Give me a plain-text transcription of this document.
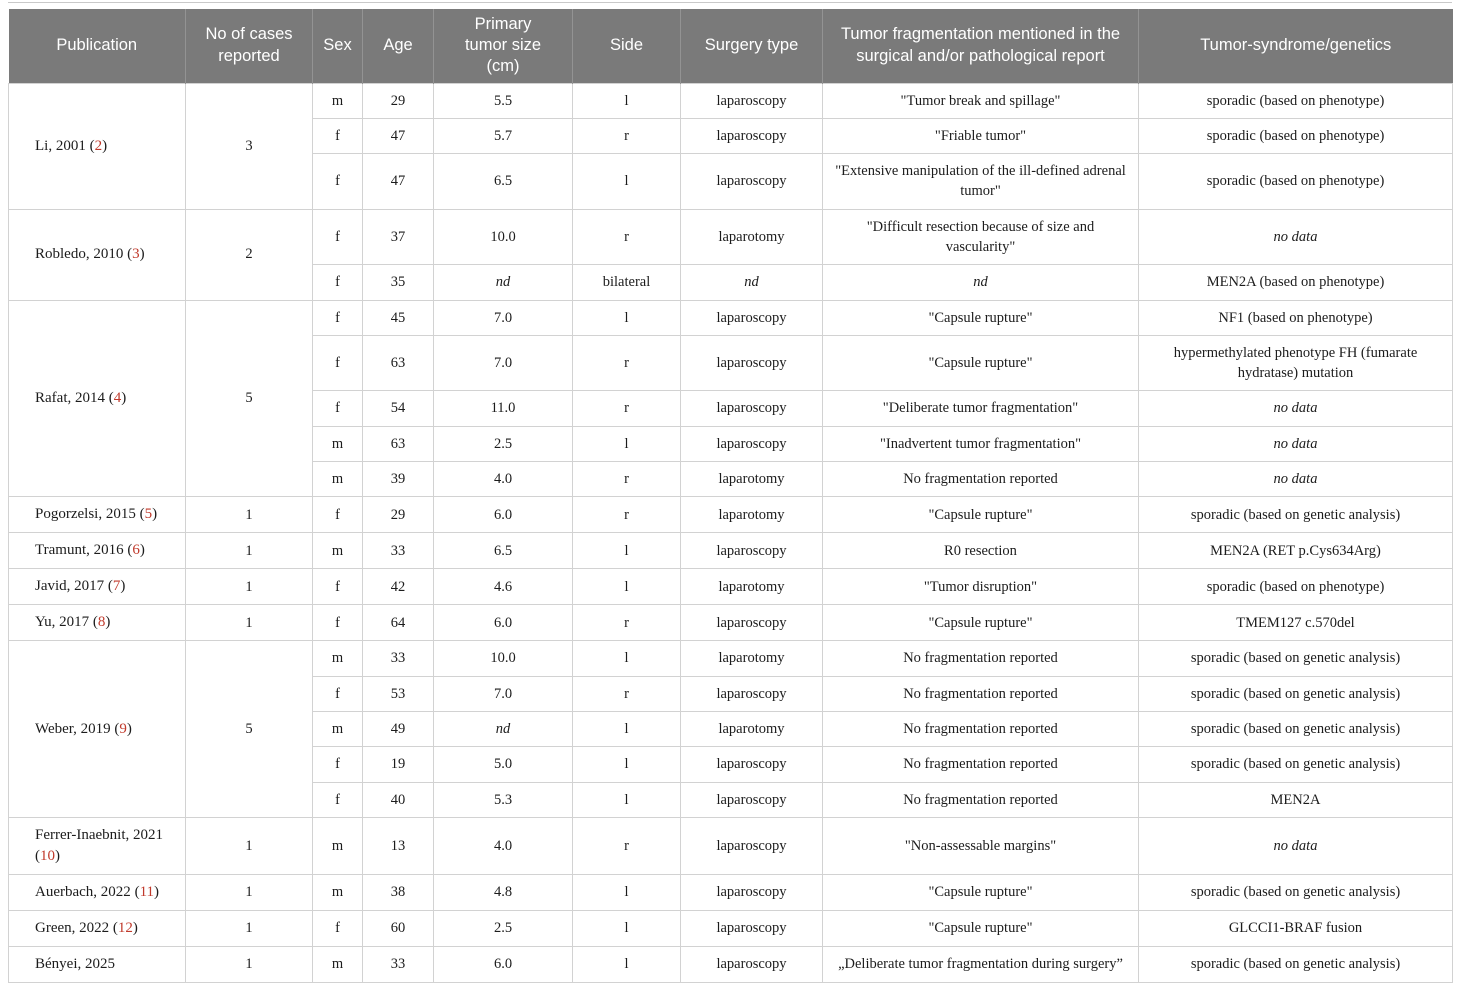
Publication	No of cases reported	Sex	Age	Primary tumor size (cm)	Side	Surgery type	Tumor fragmentation mentioned in the surgical and/or pathological report	Tumor-syndrome/genetics
Li, 2001 (2)	3	m	29	5.5	l	laparoscopy	"Tumor break and spillage"	sporadic (based on phenotype)
		f	47	5.7	r	laparoscopy	"Friable tumor"	sporadic (based on phenotype)
		f	47	6.5	l	laparoscopy	"Extensive manipulation of the ill-defined adrenal tumor"	sporadic (based on phenotype)
Robledo, 2010 (3)	2	f	37	10.0	r	laparotomy	"Difficult resection because of size and vascularity"	no data
		f	35	nd	bilateral	nd	nd	MEN2A (based on phenotype)
Rafat, 2014 (4)	5	f	45	7.0	l	laparoscopy	"Capsule rupture"	NF1 (based on phenotype)
		f	63	7.0	r	laparoscopy	"Capsule rupture"	hypermethylated phenotype FH (fumarate hydratase) mutation
		f	54	11.0	r	laparoscopy	"Deliberate tumor fragmentation"	no data
		m	63	2.5	l	laparoscopy	"Inadvertent tumor fragmentation"	no data
		m	39	4.0	r	laparotomy	No fragmentation reported	no data
Pogorzelsi, 2015 (5)	1	f	29	6.0	r	laparotomy	"Capsule rupture"	sporadic (based on genetic analysis)
Tramunt, 2016 (6)	1	m	33	6.5	l	laparoscopy	R0 resection	MEN2A (RET p.Cys634Arg)
Javid, 2017 (7)	1	f	42	4.6	l	laparotomy	"Tumor disruption"	sporadic (based on phenotype)
Yu, 2017 (8)	1	f	64	6.0	r	laparoscopy	"Capsule rupture"	TMEM127 c.570del
Weber, 2019 (9)	5	m	33	10.0	l	laparotomy	No fragmentation reported	sporadic (based on genetic analysis)
		f	53	7.0	r	laparoscopy	No fragmentation reported	sporadic (based on genetic analysis)
		m	49	nd	l	laparotomy	No fragmentation reported	sporadic (based on genetic analysis)
		f	19	5.0	l	laparoscopy	No fragmentation reported	sporadic (based on genetic analysis)
		f	40	5.3	l	laparoscopy	No fragmentation reported	MEN2A
Ferrer-Inaebnit, 2021 (10)	1	m	13	4.0	r	laparoscopy	"Non-assessable margins"	no data
Auerbach, 2022 (11)	1	m	38	4.8	l	laparoscopy	"Capsule rupture"	sporadic (based on genetic analysis)
Green, 2022 (12)	1	f	60	2.5	l	laparoscopy	"Capsule rupture"	GLCCI1-BRAF fusion
Bényei, 2025	1	m	33	6.0	l	laparoscopy	„Deliberate tumor fragmentation during surgery”	sporadic (based on genetic analysis)
